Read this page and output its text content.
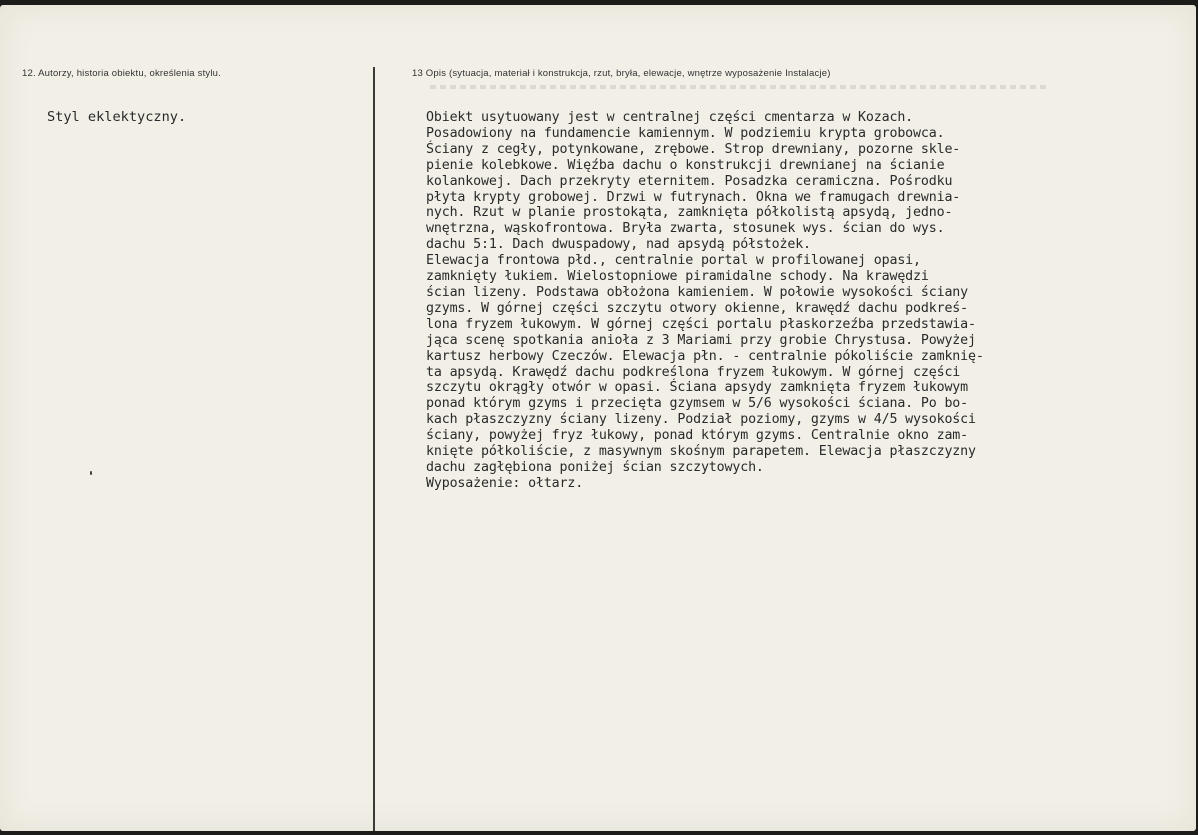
12. Autorzy, historia obiektu, określenia stylu.	13 Opis (sytuacja, materiał i konstrukcja, rzut, bryła, elewacje, wnętrze wyposażenie Instalacje)
Styl eklektyczny.	Obiekt usytuowany jest w centralnej części cmentarza w Kozach.
Posadowiony na fundamencie kamiennym. W podziemiu krypta grobowca.
Ściany z cegły, potynkowane, zrębowe. Strop drewniany, pozorne skle-
pienie kolebkowe. Więźba dachu o konstrukcji drewnianej na ścianie
kolankowej. Dach przekryty eternitem. Posadzka ceramiczna. Pośrodku
płyta krypty grobowej. Drzwi w futrynach. Okna we framugach drewnia-
nych. Rzut w planie prostokąta, zamknięta półkolistą apsydą, jedno-
wnętrzna, wąskofrontowa. Bryła zwarta, stosunek wys. ścian do wys.
dachu 5:1. Dach dwuspadowy, nad apsydą półstożek.
Elewacja frontowa płd., centralnie portal w profilowanej opasi,
zamknięty łukiem. Wielostopniowe piramidalne schody. Na krawędzi
ścian lizeny. Podstawa obłożona kamieniem. W połowie wysokości ściany
gzyms. W górnej części szczytu otwory okienne, krawędź dachu podkreś-
lona fryzem łukowym. W górnej części portalu płaskorzeźba przedstawia-
jąca scenę spotkania anioła z 3 Mariami przy grobie Chrystusa. Powyżej
kartusz herbowy Czeczów. Elewacja płn. - centralnie pókoliście zamknię-
ta apsydą. Krawędź dachu podkreślona fryzem łukowym. W górnej części
szczytu okrągły otwór w opasi. Ściana apsydy zamknięta fryzem łukowym
ponad którym gzyms i przecięta gzymsem w 5/6 wysokości ściana. Po bo-
kach płaszczyzny ściany lizeny. Podział poziomy, gzyms w 4/5 wysokości
ściany, powyżej fryz łukowy, ponad którym gzyms. Centralnie okno zam-
knięte półkoliście, z masywnym skośnym parapetem. Elewacja płaszczyzny
dachu zagłębiona poniżej ścian szczytowych.
Wyposażenie: ołtarz.
